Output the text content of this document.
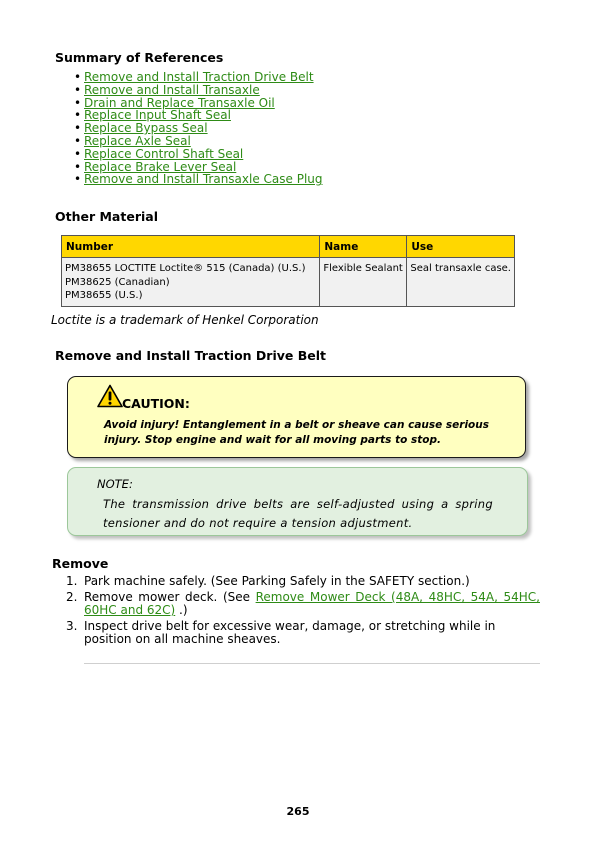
Summary of References
• Remove and Install Traction Drive Belt
• Remove and Install Transaxle
• Drain and Replace Transaxle Oil
• Replace Input Shaft Seal
• Replace Bypass Seal
• Replace Axle Seal
• Replace Control Shaft Seal
• Replace Brake Lever Seal
• Remove and Install Transaxle Case Plug
Other Material
Number	Name	Use

PM38655 LOCTITE Loctite® 515 (Canada) (U.S.)
PM38625 (Canadian)
PM38655 (U.S.)	Flexible Sealant	Seal transaxle case.
Loctite is a trademark of Henkel Corporation
Remove and Install Traction Drive Belt
CAUTION:
Avoid injury! Entanglement in a belt or sheave can cause serious
injury. Stop engine and wait for all moving parts to stop.
NOTE:
The transmission drive belts are self-adjusted using a spring
tensioner and do not require a tension adjustment.
Remove
1. Park machine safely. (See Parking Safely in the SAFETY section.)
2. Remove mower deck. (See Remove Mower Deck (48A, 48HC, 54A, 54HC, 60HC and 62C) .)
3. Inspect drive belt for excessive wear, damage, or stretching while in position on all machine sheaves.
265
